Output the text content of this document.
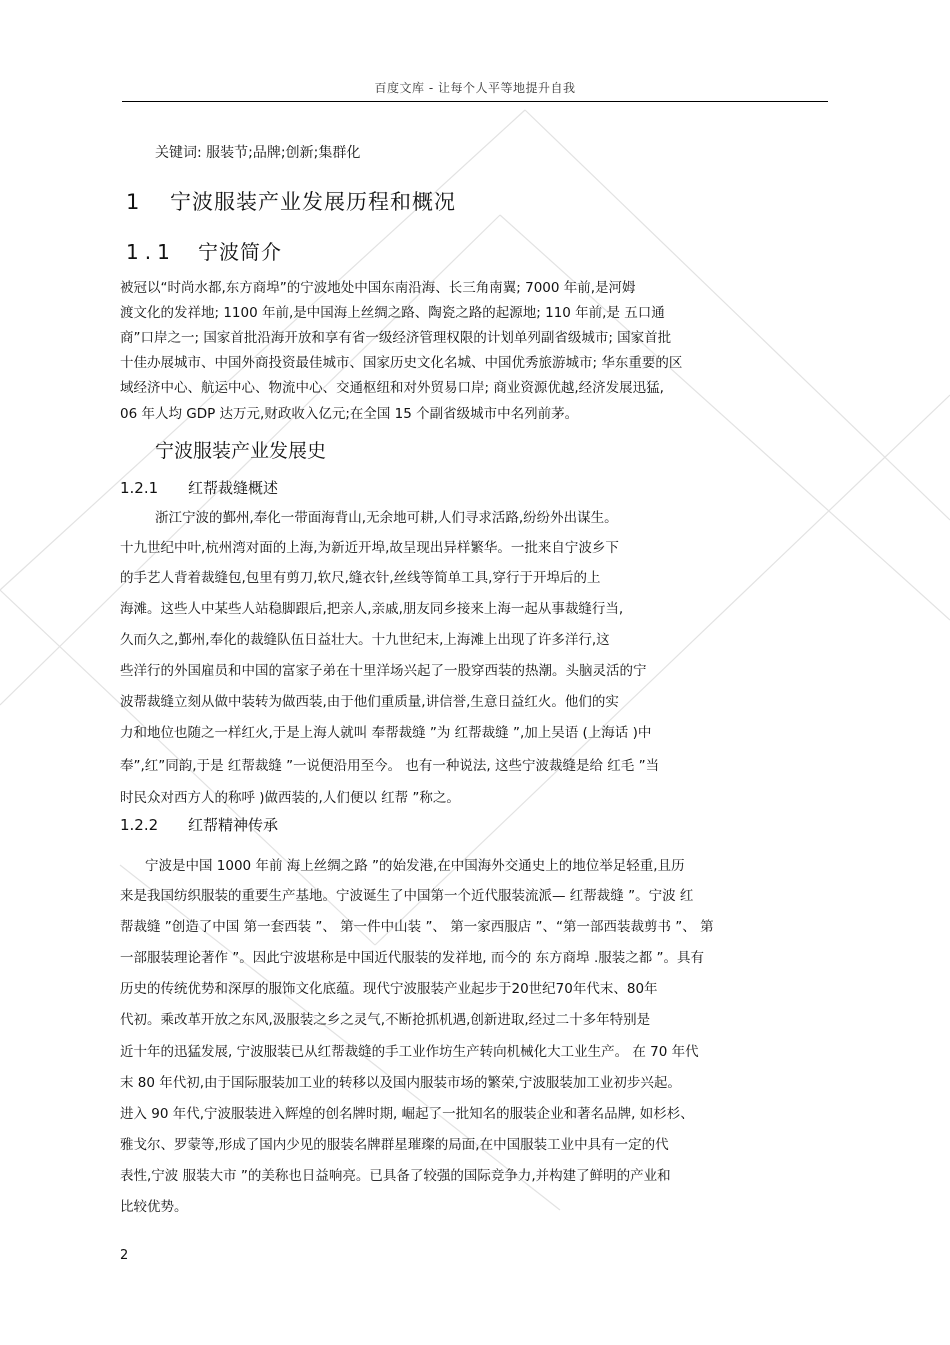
百度文库 - 让每个人平等地提升自我
关键词: 服装节;品牌;创新;集群化
1 宁波服装产业发展历程和概况
1.1 宁波简介
被冠以“时尚水都,东方商埠”的宁波地处中国东南沿海、长三角南翼; 7000 年前,是河姆
渡文化的发祥地; 1100 年前,是中国海上丝绸之路、陶瓷之路的起源地; 110 年前,是 五口通
商”口岸之一; 国家首批沿海开放和享有省一级经济管理权限的计划单列副省级城市; 国家首批
十佳办展城市、中国外商投资最佳城市、国家历史文化名城、中国优秀旅游城市; 华东重要的区
域经济中心、航运中心、物流中心、交通枢纽和对外贸易口岸; 商业资源优越,经济发展迅猛,
06 年人均 GDP 达万元,财政收入亿元;在全国 15 个副省级城市中名列前茅。
宁波服装产业发展史
1.2.1 红帮裁缝概述
浙江宁波的鄞州,奉化一带面海背山,无余地可耕,人们寻求活路,纷纷外出谋生。
十九世纪中叶,杭州湾对面的上海,为新近开埠,故呈现出异样繁华。一批来自宁波乡下
的手艺人背着裁缝包,包里有剪刀,软尺,缝衣针,丝线等简单工具,穿行于开埠后的上
海滩。这些人中某些人站稳脚跟后,把亲人,亲戚,朋友同乡接来上海一起从事裁缝行当,
久而久之,鄞州,奉化的裁缝队伍日益壮大。十九世纪末,上海滩上出现了许多洋行,这
些洋行的外国雇员和中国的富家子弟在十里洋场兴起了一股穿西装的热潮。头脑灵活的宁
波帮裁缝立刻从做中装转为做西装,由于他们重质量,讲信誉,生意日益红火。他们的实
力和地位也随之一样红火,于是上海人就叫 奉帮裁缝 ”为 红帮裁缝 ”,加上吴语 (上海话 )中
奉”,红”同韵,于是 红帮裁缝 ”一说便沿用至今。 也有一种说法, 这些宁波裁缝是给 红毛 ”当
时民众对西方人的称呼 )做西装的,人们便以 红帮 ”称之。
1.2.2 红帮精神传承
宁波是中国 1000 年前 海上丝绸之路 ”的始发港,在中国海外交通史上的地位举足轻重,且历
来是我国纺织服装的重要生产基地。宁波诞生了中国第一个近代服装流派— 红帮裁缝 ”。宁波 红
帮裁缝 ”创造了中国 第一套西装 ”、 第一件中山装 ”、 第一家西服店 ”、“第一部西装裁剪书 ”、 第
一部服装理论著作 ”。因此宁波堪称是中国近代服装的发祥地, 而今的 东方商埠 .服装之都 ”。具有
历史的传统优势和深厚的服饰文化底蕴。现代宁波服装产业起步于20世纪70年代末、80年
代初。乘改革开放之东风,汲服装之乡之灵气,不断抢抓机遇,创新进取,经过二十多年特别是
近十年的迅猛发展, 宁波服装已从红帮裁缝的手工业作坊生产转向机械化大工业生产。 在 70 年代
末 80 年代初,由于国际服装加工业的转移以及国内服装市场的繁荣,宁波服装加工业初步兴起。
进入 90 年代,宁波服装进入辉煌的创名牌时期, 崛起了一批知名的服装企业和著名品牌, 如杉杉、
雅戈尔、罗蒙等,形成了国内少见的服装名牌群星璀璨的局面,在中国服装工业中具有一定的代
表性,宁波 服装大市 ”的美称也日益响亮。已具备了较强的国际竞争力,并构建了鲜明的产业和
比较优势。
2
